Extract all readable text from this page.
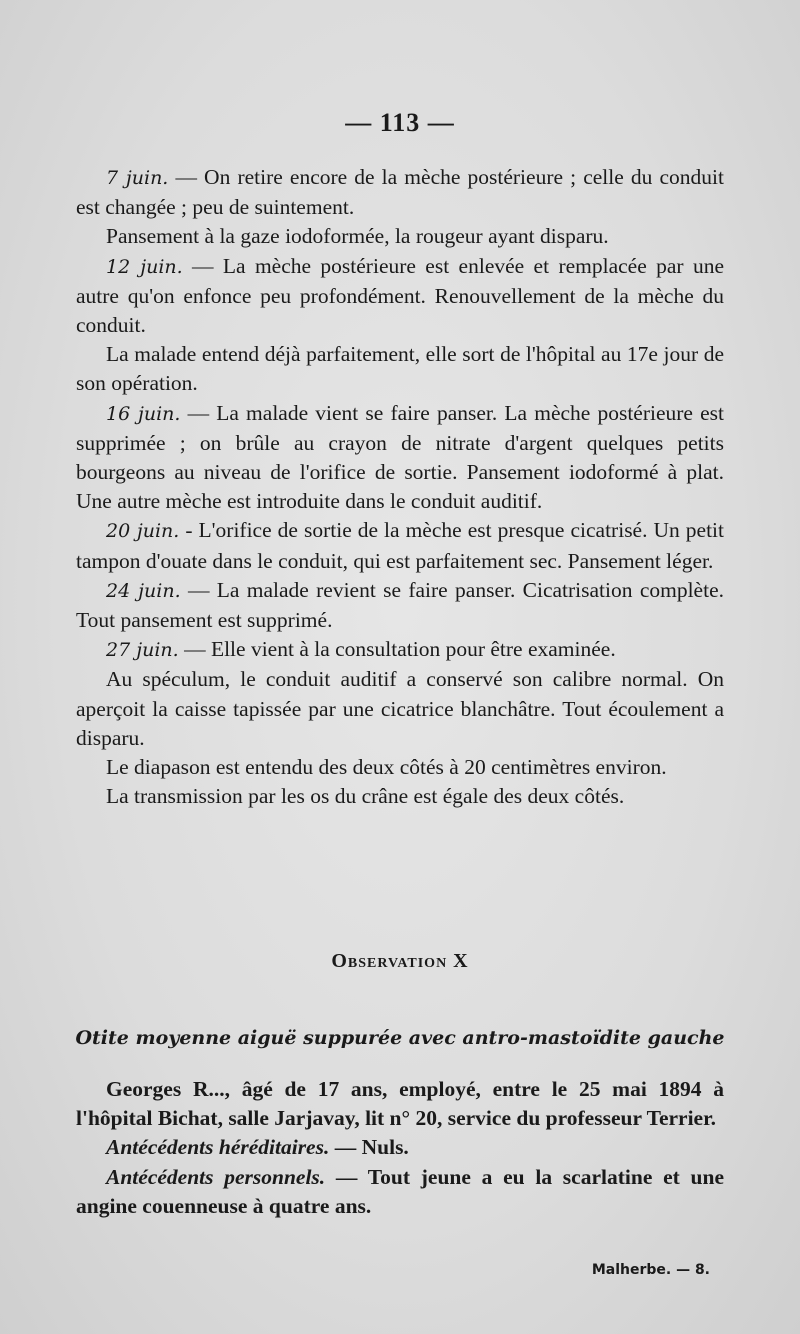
— 113 —

7 juin. — On retire encore de la mèche postérieure ; celle du conduit est changée ; peu de suintement.

Pansement à la gaze iodoformée, la rougeur ayant disparu.

12 juin. — La mèche postérieure est enlevée et remplacée par une autre qu'on enfonce peu profondément. Renouvellement de la mèche du conduit.

La malade entend déjà parfaitement, elle sort de l'hôpital au 17e jour de son opération.

16 juin. — La malade vient se faire panser. La mèche postérieure est supprimée ; on brûle au crayon de nitrate d'argent quelques petits bourgeons au niveau de l'orifice de sortie. Pansement iodoformé à plat. Une autre mèche est introduite dans le conduit auditif.

20 juin. - L'orifice de sortie de la mèche est presque cicatrisé. Un petit tampon d'ouate dans le conduit, qui est parfaitement sec. Pansement léger.

24 juin. — La malade revient se faire panser. Cicatrisation complète. Tout pansement est supprimé.

27 juin. — Elle vient à la consultation pour être examinée.

Au spéculum, le conduit auditif a conservé son calibre normal. On aperçoit la caisse tapissée par une cicatrice blanchâtre. Tout écoulement a disparu.

Le diapason est entendu des deux côtés à 20 centimètres environ.

La transmission par les os du crâne est égale des deux côtés.

Observation X
Otite moyenne aiguë suppurée avec antro-mastoïdite gauche

Georges R..., âgé de 17 ans, employé, entre le 25 mai 1894 à l'hôpital Bichat, salle Jarjavay, lit n° 20, service du professeur Terrier.

Antécédents héréditaires. — Nuls.

Antécédents personnels. — Tout jeune a eu la scarlatine et une angine couenneuse à quatre ans.

Malherbe. — 8.
